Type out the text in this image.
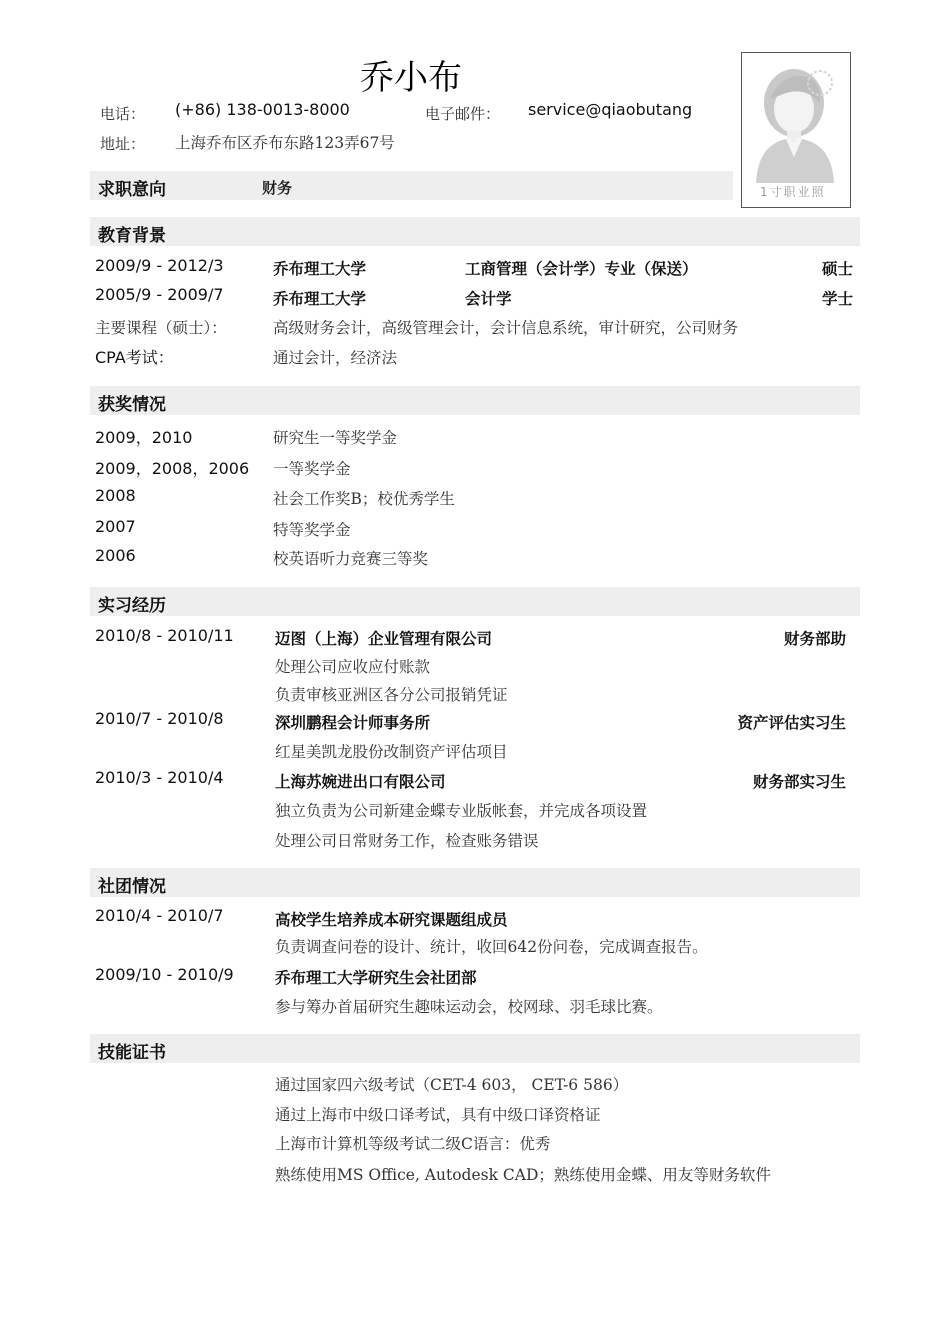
乔小布
电话： (+86) 138-0013-8000	电子邮件： service@qiaobutang
地址： 上海乔布区乔布东路123弄67号
1寸职业照
求职意向	财务
教育背景
2009/9 - 2012/3	乔布理工大学	工商管理（会计学）专业（保送）	硕士
2005/9 - 2009/7	乔布理工大学	会计学	学士
主要课程（硕士）：	高级财务会计，高级管理会计，会计信息系统，审计研究，公司财务
CPA考试：	通过会计，经济法
获奖情况
2009，2010	研究生一等奖学金
2009，2008，2006 一等奖学金
2008	社会工作奖B；校优秀学生
2007	特等奖学金
2006	校英语听力竞赛三等奖
实习经历
2010/8 - 2010/11	迈图（上海）企业管理有限公司	财务部助
处理公司应收应付账款
负责审核亚洲区各分公司报销凭证
2010/7 - 2010/8	深圳鹏程会计师事务所	资产评估实习生
红星美凯龙股份改制资产评估项目
2010/3 - 2010/4	上海苏婉进出口有限公司	财务部实习生
独立负责为公司新建金蝶专业版帐套，并完成各项设置
处理公司日常财务工作，检查账务错误
社团情况
2010/4 - 2010/7	高校学生培养成本研究课题组成员
负责调查问卷的设计、统计，收回642份问卷，完成调查报告。
2009/10 - 2010/9	乔布理工大学研究生会社团部
参与筹办首届研究生趣味运动会，校网球、羽毛球比赛。
技能证书
通过国家四六级考试（CET-4 603， CET-6 586）
通过上海市中级口译考试，具有中级口译资格证
上海市计算机等级考试二级C语言：优秀
熟练使用MS Office, Autodesk CAD；熟练使用金蝶、用友等财务软件
